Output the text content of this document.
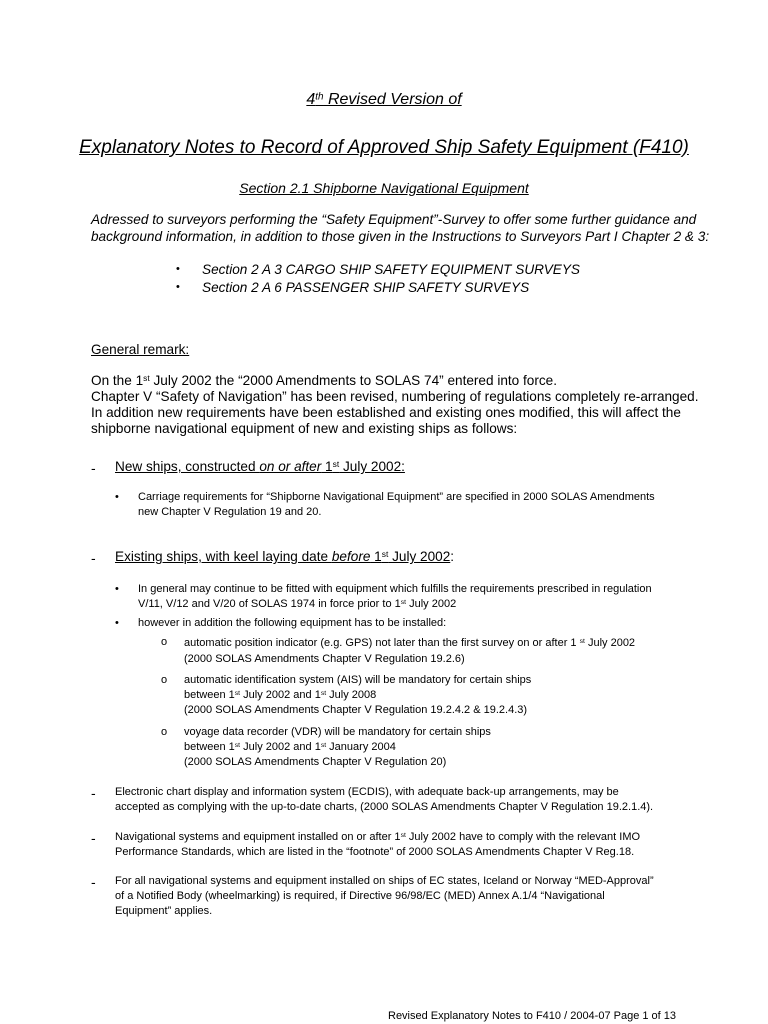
4th Revised Version of
Explanatory Notes to Record of Approved Ship Safety Equipment (F410)
Section 2.1 Shipborne Navigational Equipment
Adressed to surveyors performing the “Safety Equipment”-Survey to offer some further guidance and
background information, in addition to those given in the Instructions to Surveyors Part I Chapter 2 & 3:
• Section 2 A 3 CARGO SHIP SAFETY EQUIPMENT SURVEYS
• Section 2 A 6 PASSENGER SHIP SAFETY SURVEYS
General remark:
On the 1st July 2002 the “2000 Amendments to SOLAS 74” entered into force.
Chapter V “Safety of Navigation” has been revised, numbering of regulations completely re-arranged.
In addition new requirements have been established and existing ones modified, this will affect the
shipborne navigational equipment of new and existing ships as follows:
- New ships, constructed on or after 1st July 2002:
• Carriage requirements for “Shipborne Navigational Equipment” are specified in 2000 SOLAS Amendments
new Chapter V Regulation 19 and 20.
- Existing ships, with keel laying date before 1st July 2002:
• In general may continue to be fitted with equipment which fulfills the requirements prescribed in regulation
V/11, V/12 and V/20 of SOLAS 1974 in force prior to 1st July 2002
• however in addition the following equipment has to be installed:
o automatic position indicator (e.g. GPS) not later than the first survey on or after 1 $^{st}$ July 2002
(2000 SOLAS Amendments Chapter V Regulation 19.2.6)
o automatic identification system (AIS) will be mandatory for certain ships
between 1st July 2002 and 1st July 2008
(2000 SOLAS Amendments Chapter V Regulation 19.2.4.2 & 19.2.4.3)
o voyage data recorder (VDR) will be mandatory for certain ships
between 1st July 2002 and 1st January 2004
(2000 SOLAS Amendments Chapter V Regulation 20)
- Electronic chart display and information system (ECDIS), with adequate back-up arrangements, may be
accepted as complying with the up-to-date charts, (2000 SOLAS Amendments Chapter V Regulation 19.2.1.4).
- Navigational systems and equipment installed on or after 1st July 2002 have to comply with the relevant IMO
Performance Standards, which are listed in the “footnote” of 2000 SOLAS Amendments Chapter V Reg.18.
- For all navigational systems and equipment installed on ships of EC states, Iceland or Norway “MED-Approval”
of a Notified Body (wheelmarking) is required, if Directive 96/98/EC (MED) Annex A.1/4 “Navigational
Equipment” applies.
Revised Explanatory Notes to F410 / 2004-07 Page 1 of 13
